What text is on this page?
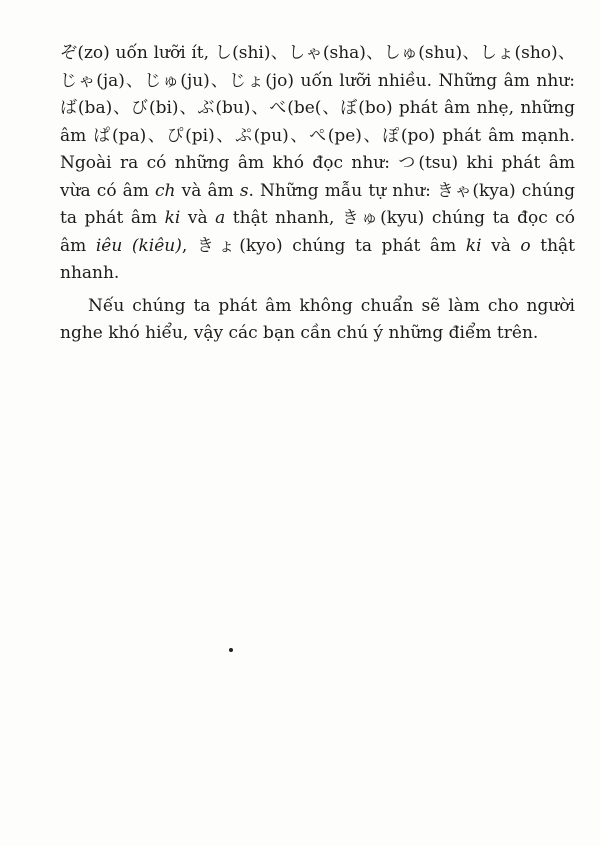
ぞ(zo) uốn lưỡi ít, し(shi)、しゃ(sha)、しゅ(shu)、しょ(sho)、じゃ(ja)、じゅ(ju)、じょ(jo) uốn lưỡi nhiều. Những âm như: ば(ba)、び(bi)、ぶ(bu)、べ(be(、ぼ(bo) phát âm nhẹ, những âm ぱ(pa)、ぴ(pi)、ぷ(pu)、ぺ(pe)、ぽ(po) phát âm mạnh. Ngoài ra có những âm khó đọc như: つ(tsu) khi phát âm vừa có âm ch và âm s. Những mẫu tự như: きゃ(kya) chúng ta phát âm ki và a thật nhanh, きゅ(kyu) chúng ta đọc có âm iêu (kiêu), きょ(kyo) chúng ta phát âm ki và o thật nhanh.

Nếu chúng ta phát âm không chuẩn sẽ làm cho người nghe khó hiểu, vậy các bạn cần chú ý những điểm trên.
